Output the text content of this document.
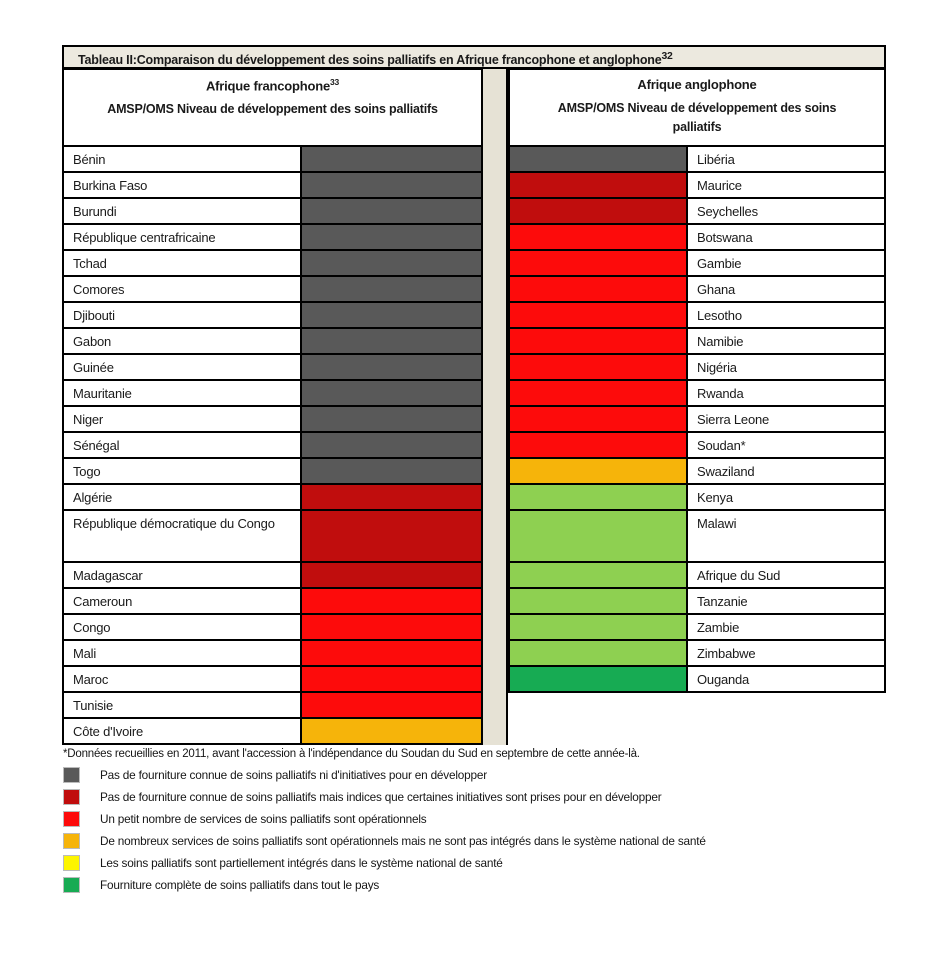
Tableau II:Comparaison du développement des soins palliatifs en Afrique francophone et anglophone$^{32}$
Afrique francophone$^{33}$
AMSP/OMS Niveau de développement des soins palliatifs
Bénin
Burkina Faso
Burundi
République centrafricaine
Tchad
Comores
Djibouti
Gabon
Guinée
Mauritanie
Niger
Sénégal
Togo
Algérie
République démocratique du Congo
Madagascar
Cameroun
Congo
Mali
Maroc
Tunisie
Côte d'Ivoire
Afrique anglophone
AMSP/OMS Niveau de développement des soins palliatifs
Libéria
Maurice
Seychelles
Botswana
Gambie
Ghana
Lesotho
Namibie
Nigéria
Rwanda
Sierra Leone
Soudan*
Swaziland
Kenya
Malawi
Afrique du Sud
Tanzanie
Zambie
Zimbabwe
Ouganda
*Données recueillies en 2011, avant l'accession à l'indépendance du Soudan du Sud en septembre de cette année-là.
Pas de fourniture connue de soins palliatifs ni d'initiatives pour en développer
Pas de fourniture connue de soins palliatifs mais indices que certaines initiatives sont prises pour en développer
Un petit nombre de services de soins palliatifs sont opérationnels
De nombreux services de soins palliatifs sont opérationnels mais ne sont pas intégrés dans le système national de santé
Les soins palliatifs sont partiellement intégrés dans le système national de santé
Fourniture complète de soins palliatifs dans tout le pays
